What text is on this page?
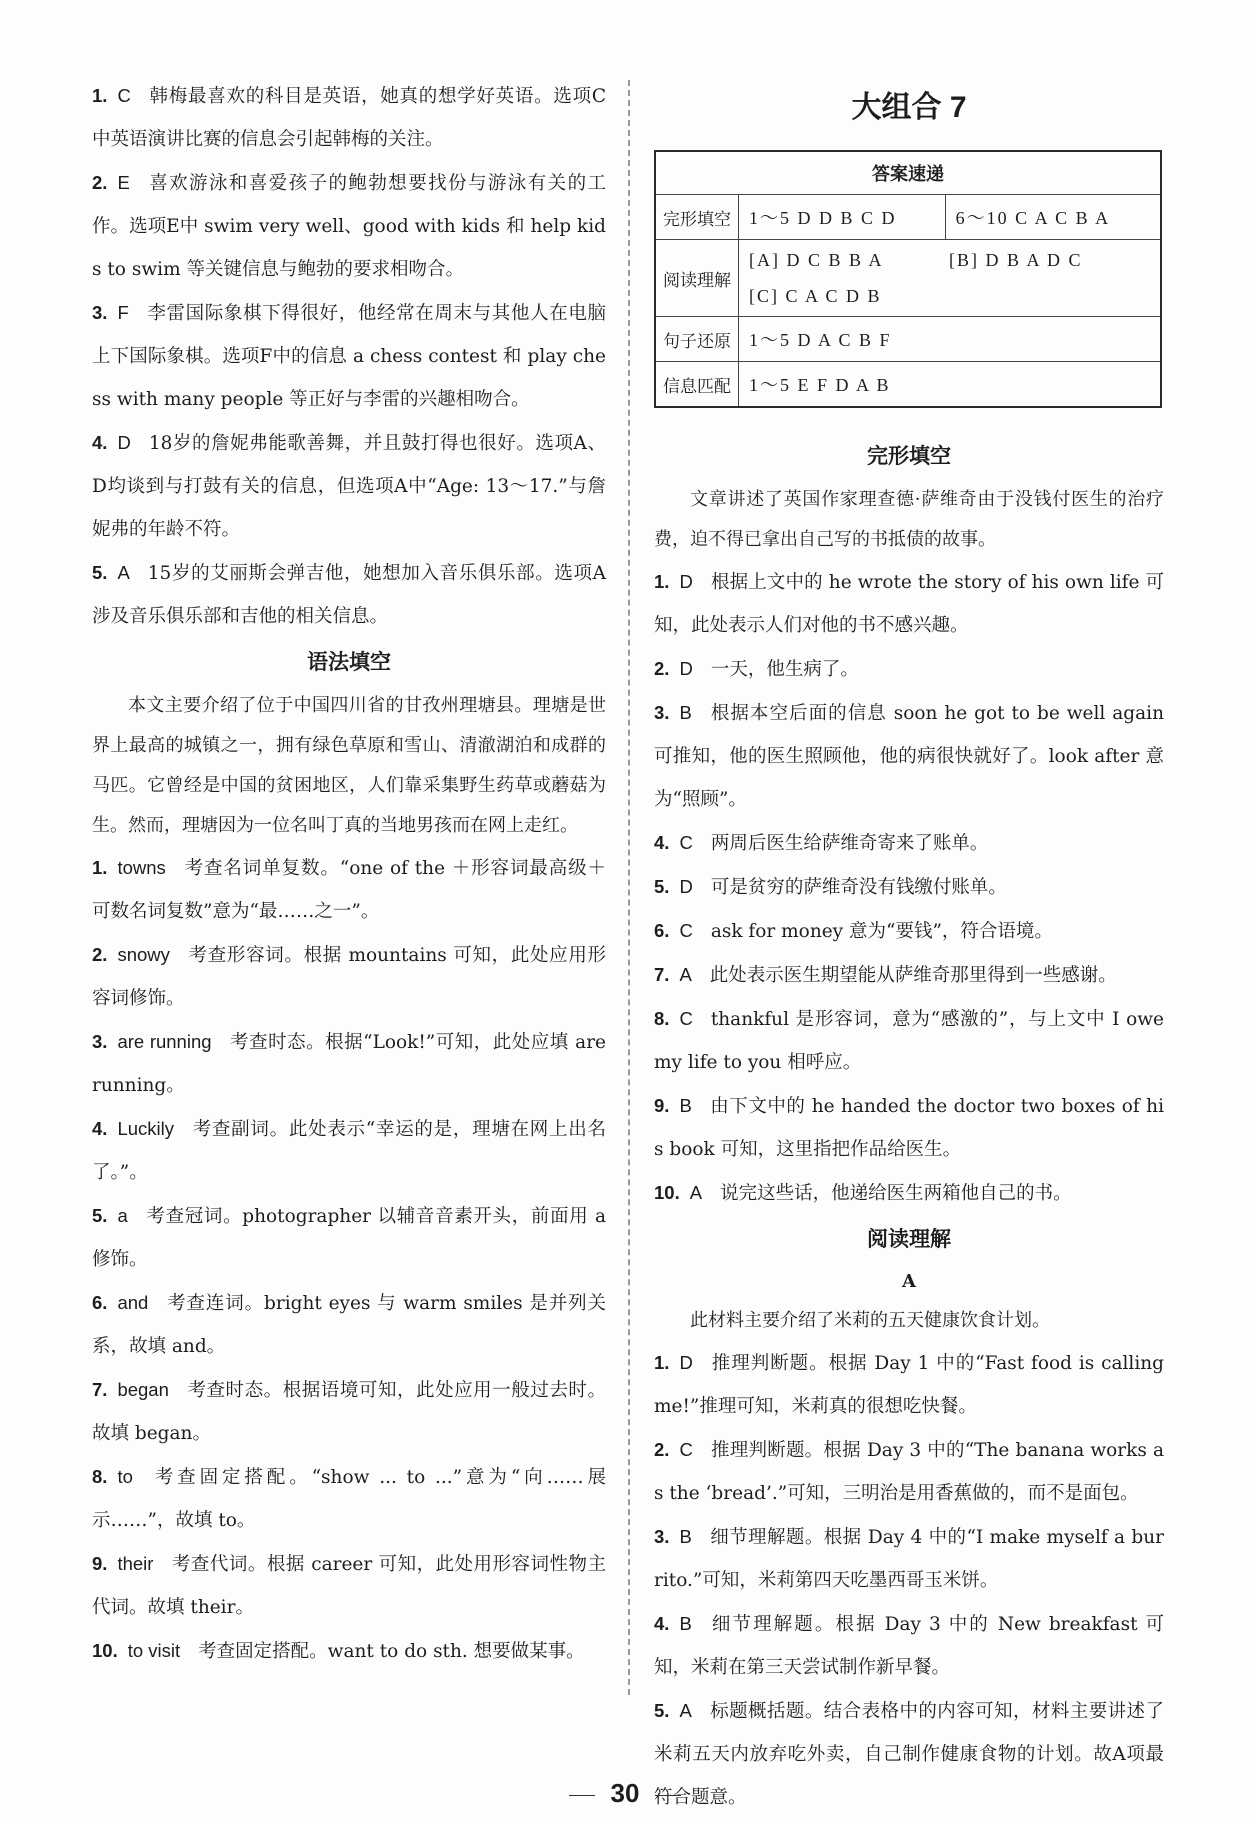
1. C 韩梅最喜欢的科目是英语，她真的想学好英语。选项C中英语演讲比赛的信息会引起韩梅的关注。

2. E 喜欢游泳和喜爱孩子的鲍勃想要找份与游泳有关的工作。选项E中 swim very well、good with kids 和 help kids to swim 等关键信息与鲍勃的要求相吻合。

3. F 李雷国际象棋下得很好，他经常在周末与其他人在电脑上下国际象棋。选项F中的信息 a chess contest 和 play chess with many people 等正好与李雷的兴趣相吻合。

4. D 18岁的詹妮弗能歌善舞，并且鼓打得也很好。选项A、D均谈到与打鼓有关的信息，但选项A中“Age: 13～17.”与詹妮弗的年龄不符。

5. A 15岁的艾丽斯会弹吉他，她想加入音乐俱乐部。选项A涉及音乐俱乐部和吉他的相关信息。

语法填空

本文主要介绍了位于中国四川省的甘孜州理塘县。理塘是世界上最高的城镇之一，拥有绿色草原和雪山、清澈湖泊和成群的马匹。它曾经是中国的贫困地区，人们靠采集野生药草或蘑菇为生。然而，理塘因为一位名叫丁真的当地男孩而在网上走红。

1. towns 考查名词单复数。“one of the ＋形容词最高级＋可数名词复数”意为“最……之一”。

2. snowy 考查形容词。根据 mountains 可知，此处应用形容词修饰。

3. are running 考查时态。根据“Look!”可知，此处应填 are running。

4. Luckily 考查副词。此处表示“幸运的是，理塘在网上出名了。”。

5. a 考查冠词。photographer 以辅音音素开头，前面用 a 修饰。

6. and 考查连词。bright eyes 与 warm smiles 是并列关系，故填 and。

7. began 考查时态。根据语境可知，此处应用一般过去时。故填 began。

8. to 考查固定搭配。“show ... to ...”意为“向……展示……”，故填 to。

9. their 考查代词。根据 career 可知，此处用形容词性物主代词。故填 their。

10. to visit 考查固定搭配。want to do sth. 想要做某事。

大组合 7
答案速递		
完形填空	1～5 D D B C D	6～10 C A C B A
阅读理解	[A] D C B B A [B] D B A D C
[C] C A C D B	
句子还原	1～5 D A C B F	
信息匹配	1～5 E F D A B	

完形填空

文章讲述了英国作家理查德·萨维奇由于没钱付医生的治疗费，迫不得已拿出自己写的书抵债的故事。

1. D 根据上文中的 he wrote the story of his own life 可知，此处表示人们对他的书不感兴趣。

2. D 一天，他生病了。

3. B 根据本空后面的信息 soon he got to be well again 可推知，他的医生照顾他，他的病很快就好了。look after 意为“照顾”。

4. C 两周后医生给萨维奇寄来了账单。

5. D 可是贫穷的萨维奇没有钱缴付账单。

6. C ask for money 意为“要钱”，符合语境。

7. A 此处表示医生期望能从萨维奇那里得到一些感谢。

8. C thankful 是形容词，意为“感激的”，与上文中 I owe my life to you 相呼应。

9. B 由下文中的 he handed the doctor two boxes of his book 可知，这里指把作品给医生。

10. A 说完这些话，他递给医生两箱他自己的书。

阅读理解

A

此材料主要介绍了米莉的五天健康饮食计划。

1. D 推理判断题。根据 Day 1 中的“Fast food is calling me!”推理可知，米莉真的很想吃快餐。

2. C 推理判断题。根据 Day 3 中的“The banana works as the ‘bread’.”可知，三明治是用香蕉做的，而不是面包。

3. B 细节理解题。根据 Day 4 中的“I make myself a burrito.”可知，米莉第四天吃墨西哥玉米饼。

4. B 细节理解题。根据 Day 3 中的 New breakfast 可知，米莉在第三天尝试制作新早餐。

5. A 标题概括题。结合表格中的内容可知，材料主要讲述了米莉五天内放弃吃外卖，自己制作健康食物的计划。故A项最符合题意。

30
